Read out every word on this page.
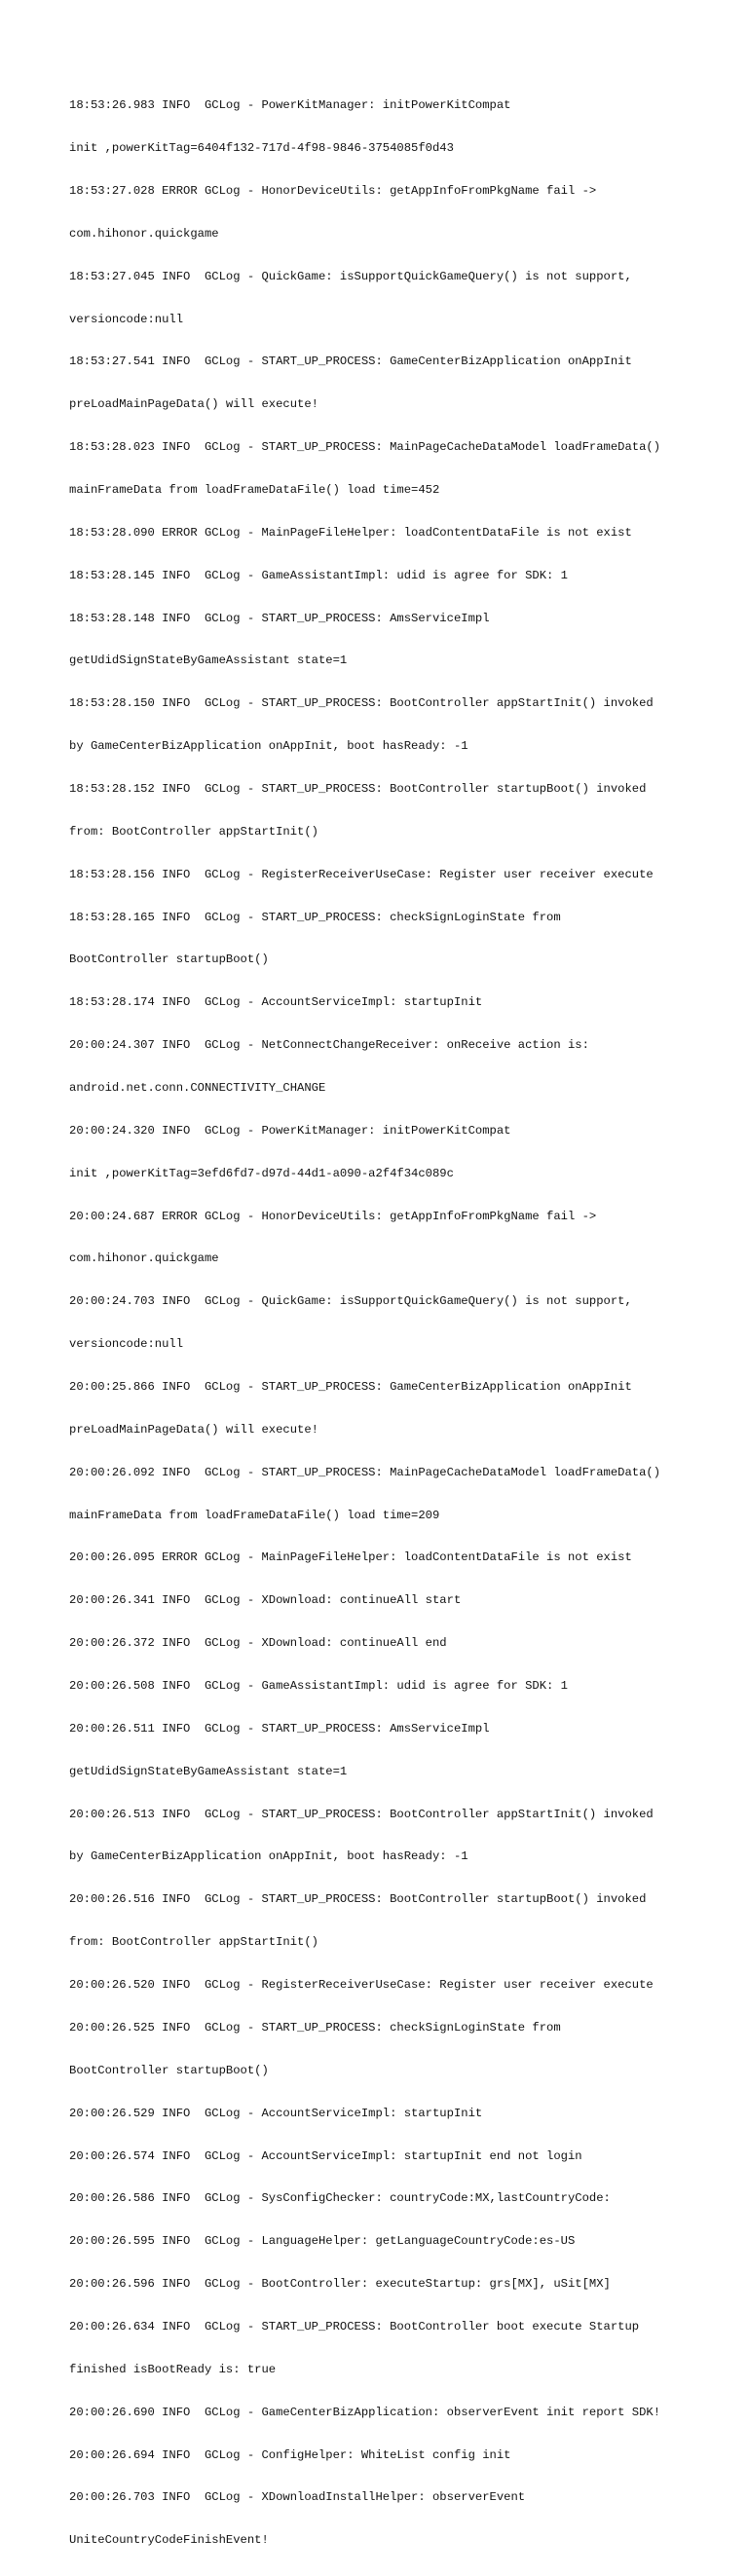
18:53:26.983 INFO  GCLog - PowerKitManager: initPowerKitCompat

init ,powerKitTag=6404f132-717d-4f98-9846-3754085f0d43

18:53:27.028 ERROR GCLog - HonorDeviceUtils: getAppInfoFromPkgName fail ->

com.hihonor.quickgame

18:53:27.045 INFO  GCLog - QuickGame: isSupportQuickGameQuery() is not support,

versioncode:null

18:53:27.541 INFO  GCLog - START_UP_PROCESS: GameCenterBizApplication onAppInit

preLoadMainPageData() will execute!

18:53:28.023 INFO  GCLog - START_UP_PROCESS: MainPageCacheDataModel loadFrameData()

mainFrameData from loadFrameDataFile() load time=452

18:53:28.090 ERROR GCLog - MainPageFileHelper: loadContentDataFile is not exist

18:53:28.145 INFO  GCLog - GameAssistantImpl: udid is agree for SDK: 1

18:53:28.148 INFO  GCLog - START_UP_PROCESS: AmsServiceImpl

getUdidSignStateByGameAssistant state=1

18:53:28.150 INFO  GCLog - START_UP_PROCESS: BootController appStartInit() invoked

by GameCenterBizApplication onAppInit, boot hasReady: -1

18:53:28.152 INFO  GCLog - START_UP_PROCESS: BootController startupBoot() invoked

from: BootController appStartInit()

18:53:28.156 INFO  GCLog - RegisterReceiverUseCase: Register user receiver execute

18:53:28.165 INFO  GCLog - START_UP_PROCESS: checkSignLoginState from

BootController startupBoot()

18:53:28.174 INFO  GCLog - AccountServiceImpl: startupInit

20:00:24.307 INFO  GCLog - NetConnectChangeReceiver: onReceive action is:

android.net.conn.CONNECTIVITY_CHANGE

20:00:24.320 INFO  GCLog - PowerKitManager: initPowerKitCompat

init ,powerKitTag=3efd6fd7-d97d-44d1-a090-a2f4f34c089c

20:00:24.687 ERROR GCLog - HonorDeviceUtils: getAppInfoFromPkgName fail ->

com.hihonor.quickgame

20:00:24.703 INFO  GCLog - QuickGame: isSupportQuickGameQuery() is not support,

versioncode:null

20:00:25.866 INFO  GCLog - START_UP_PROCESS: GameCenterBizApplication onAppInit

preLoadMainPageData() will execute!

20:00:26.092 INFO  GCLog - START_UP_PROCESS: MainPageCacheDataModel loadFrameData()

mainFrameData from loadFrameDataFile() load time=209

20:00:26.095 ERROR GCLog - MainPageFileHelper: loadContentDataFile is not exist

20:00:26.341 INFO  GCLog - XDownload: continueAll start

20:00:26.372 INFO  GCLog - XDownload: continueAll end

20:00:26.508 INFO  GCLog - GameAssistantImpl: udid is agree for SDK: 1

20:00:26.511 INFO  GCLog - START_UP_PROCESS: AmsServiceImpl

getUdidSignStateByGameAssistant state=1

20:00:26.513 INFO  GCLog - START_UP_PROCESS: BootController appStartInit() invoked

by GameCenterBizApplication onAppInit, boot hasReady: -1

20:00:26.516 INFO  GCLog - START_UP_PROCESS: BootController startupBoot() invoked

from: BootController appStartInit()

20:00:26.520 INFO  GCLog - RegisterReceiverUseCase: Register user receiver execute

20:00:26.525 INFO  GCLog - START_UP_PROCESS: checkSignLoginState from

BootController startupBoot()

20:00:26.529 INFO  GCLog - AccountServiceImpl: startupInit

20:00:26.574 INFO  GCLog - AccountServiceImpl: startupInit end not login

20:00:26.586 INFO  GCLog - SysConfigChecker: countryCode:MX,lastCountryCode:

20:00:26.595 INFO  GCLog - LanguageHelper: getLanguageCountryCode:es-US

20:00:26.596 INFO  GCLog - BootController: executeStartup: grs[MX], uSit[MX]

20:00:26.634 INFO  GCLog - START_UP_PROCESS: BootController boot execute Startup

finished isBootReady is: true

20:00:26.690 INFO  GCLog - GameCenterBizApplication: observerEvent init report SDK!

20:00:26.694 INFO  GCLog - ConfigHelper: WhiteList config init

20:00:26.703 INFO  GCLog - XDownloadInstallHelper: observerEvent

UniteCountryCodeFinishEvent!
